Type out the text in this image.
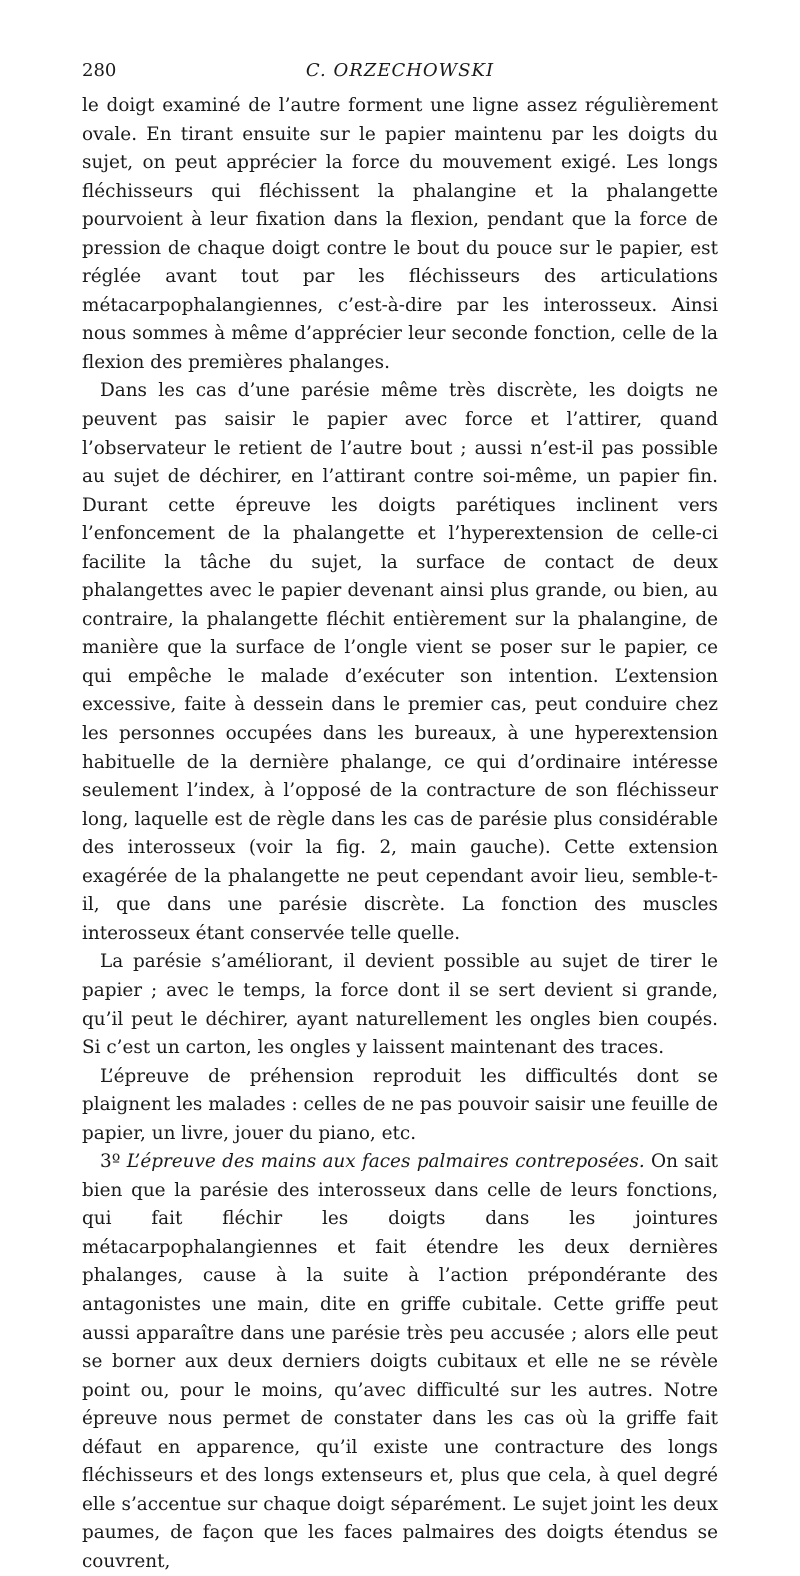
280	C. ORZECHOWSKI

le doigt examiné de l’autre forment une ligne assez régulièrement ovale. En tirant ensuite sur le papier maintenu par les doigts du sujet, on peut apprécier la force du mouvement exigé. Les longs fléchisseurs qui fléchissent la phalangine et la phalangette pourvoient à leur fixation dans la flexion, pendant que la force de pression de chaque doigt contre le bout du pouce sur le papier, est réglée avant tout par les fléchisseurs des articulations métacarpophalangiennes, c’est-à-dire par les interosseux. Ainsi nous sommes à même d’apprécier leur seconde fonction, celle de la flexion des premières phalanges.

Dans les cas d’une parésie même très discrète, les doigts ne peuvent pas saisir le papier avec force et l’attirer, quand l’observateur le retient de l’autre bout ; aussi n’est-il pas possible au sujet de déchirer, en l’attirant contre soi-même, un papier fin. Durant cette épreuve les doigts parétiques inclinent vers l’enfoncement de la phalangette et l’hyperextension de celle-ci facilite la tâche du sujet, la surface de contact de deux phalangettes avec le papier devenant ainsi plus grande, ou bien, au contraire, la phalangette fléchit entièrement sur la phalangine, de manière que la surface de l’ongle vient se poser sur le papier, ce qui empêche le malade d’exécuter son intention. L’extension excessive, faite à dessein dans le premier cas, peut conduire chez les personnes occupées dans les bureaux, à une hyperextension habituelle de la dernière phalange, ce qui d’ordinaire intéresse seulement l’index, à l’opposé de la contracture de son fléchisseur long, laquelle est de règle dans les cas de parésie plus considérable des interosseux (voir la fig. 2, main gauche). Cette extension exagérée de la phalangette ne peut cependant avoir lieu, semble-t-il, que dans une parésie discrète. La fonction des muscles interosseux étant conservée telle quelle.

La parésie s’améliorant, il devient possible au sujet de tirer le papier ; avec le temps, la force dont il se sert devient si grande, qu’il peut le déchirer, ayant naturellement les ongles bien coupés. Si c’est un carton, les ongles y laissent maintenant des traces.

L’épreuve de préhension reproduit les difficultés dont se plaignent les malades : celles de ne pas pouvoir saisir une feuille de papier, un livre, jouer du piano, etc.

3º L’épreuve des mains aux faces palmaires contreposées. On sait bien que la parésie des interosseux dans celle de leurs fonctions, qui fait fléchir les doigts dans les jointures métacarpophalangiennes et fait étendre les deux dernières phalanges, cause à la suite à l’action prépondérante des antagonistes une main, dite en griffe cubitale. Cette griffe peut aussi apparaître dans une parésie très peu accusée ; alors elle peut se borner aux deux derniers doigts cubitaux et elle ne se révèle point ou, pour le moins, qu’avec difficulté sur les autres. Notre épreuve nous permet de constater dans les cas où la griffe fait défaut en apparence, qu’il existe une contracture des longs fléchisseurs et des longs extenseurs et, plus que cela, à quel degré elle s’accentue sur chaque doigt séparément. Le sujet joint les deux paumes, de façon que les faces palmaires des doigts étendus se couvrent,
